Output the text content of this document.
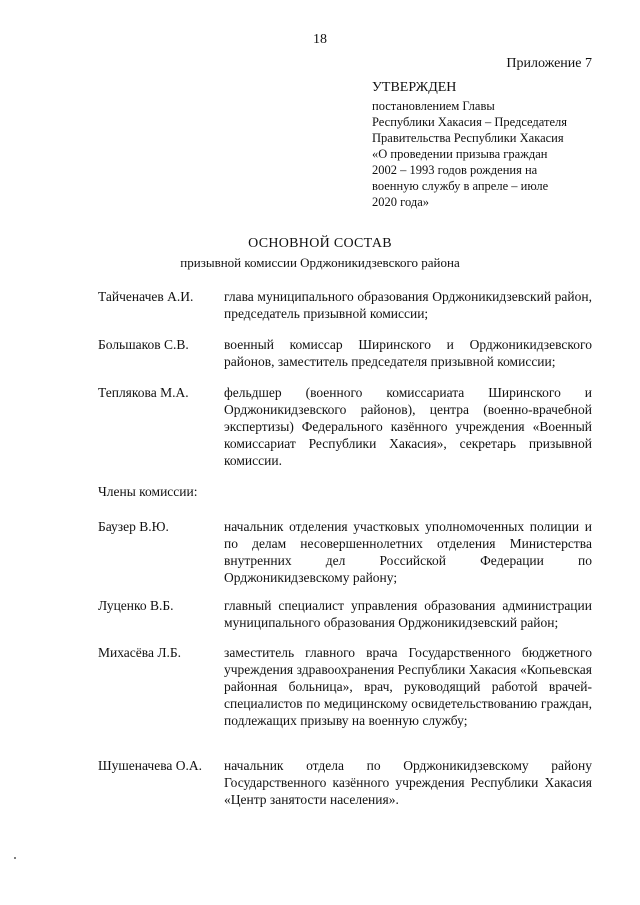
18
Приложение 7
УТВЕРЖДЕН
постановлением Главы
Республики Хакасия – Председателя
Правительства Республики Хакасия
«О проведении призыва граждан
2002 – 1993 годов рождения на
военную службу в апреле – июле
2020 года»
ОСНОВНОЙ СОСТАВ
призывной комиссии Орджоникидзевского района
Тайченачев А.И.	глава муниципального образования Орджоникидзевский район, председатель призывной комиссии;
Большаков С.В.	военный комиссар Ширинского и Орджоникидзевского районов, заместитель председателя призывной комиссии;
Теплякова М.А.	фельдшер (военного комиссариата Ширинского и Орджоникидзевского районов), центра (военно-врачебной экспертизы) Федерального казённого учреждения «Военный комиссариат Республики Хакасия», секретарь призывной комиссии.
Члены комиссии:
Баузер В.Ю.	начальник отделения участковых уполномоченных полиции и по делам несовершеннолетних отделения Министерства внутренних дел Российской Федерации по Орджоникидзевскому району;
Луценко В.Б.	главный специалист управления образования администрации муниципального образования Орджоникидзевский район;
Михасёва Л.Б.	заместитель главного врача Государственного бюджетного учреждения здравоохранения Республики Хакасия «Копьевская районная больница», врач, руководящий работой врачей-специалистов по медицинскому освидетельствованию граждан, подлежащих призыву на военную службу;
Шушеначева О.А.	начальник отдела по Орджоникидзевскому району Государственного казённого учреждения Республики Хакасия «Центр занятости населения».
